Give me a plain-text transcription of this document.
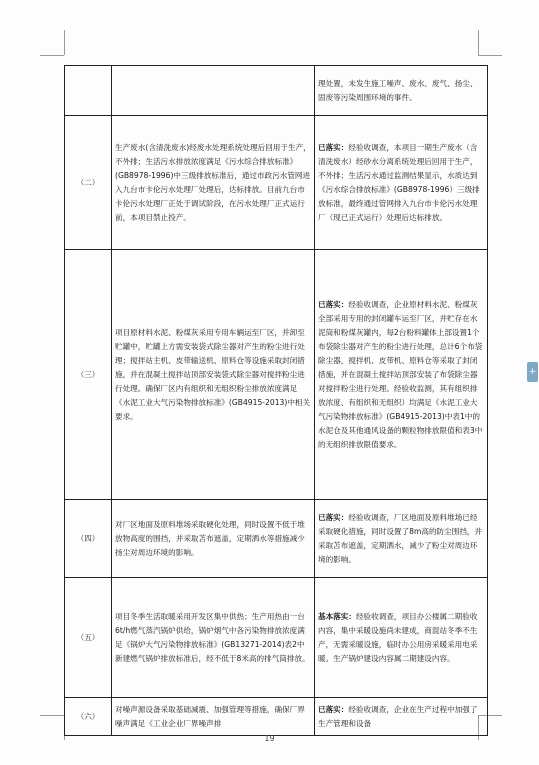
		理处置，未发生施工噪声、废水、废气、扬尘、固废等污染周围环境的事件。
（二）	生产废水(含清洗废水)经废水处理系统处理后回用于生产，不外排；生活污水排放浓度满足《污水综合排放标准》(GB8978-1996)中三级排放标准后，通过市政污水管网进入九台市卡伦污水处理厂处理后，达标排放。目前九台市卡伦污水处理厂正处于调试阶段，在污水处理厂正式运行前，本项目禁止投产。	已落实：经验收调查，本项目一期生产废水（含清洗废水）经砂水分离系统处理后回用于生产，不外排；生活污水通过监测结果显示，水质达到《污水综合排放标准》(GB8978-1996）三级排放标准，最终通过管网排入九台市卡伦污水处理厂（现已正式运行）处理后达标排放。
（三）	项目原材料水泥、粉煤灰采用专用车辆运至厂区，并卸至贮罐中，贮罐上方需安装袋式除尘器对产生的粉尘进行处理；搅拌站主机、皮带输送机、原料仓等设施采取封闭措施，并在混凝土搅拌站顶部安装袋式除尘器对搅拌粉尘进行处理。确保厂区内有组织和无组织粉尘排放浓度满足《水泥工业大气污染物排放标准》(GB4915-2013)中相关要求。	已落实：经验收调查，企业原材料水泥、粉煤灰全部采用专用的封闭罐车运至厂区，并贮存在水泥筒和粉煤灰罐内，每2台粉料罐体上部设置1个布袋除尘器对产生的粉尘进行处理，总计6个布袋除尘器，搅拌机、皮带机、原料仓等采取了封闭措施，并在混凝土搅拌站顶部安装了布袋除尘器对搅拌粉尘进行处理。经验收监测，其有组织排放浓度、有组织和无组织）均满足《水泥工业大气污染物排放标准》(GB4915-2013)中表1中的水泥仓及其他通风设备的颗粒物排放限值和表3中的无组织排放限值要求。
（四）	对厂区地面及原料堆场采取硬化处理，同时设置不低于堆放物高度的围挡，并采取苫布遮盖，定期洒水等措施减少扬尘对周边环境的影响。	已落实：经验收调查，厂区地面及原料堆场已经采取硬化措施，同时设置了8m高的防尘围挡，并采取苫布遮盖，定期洒水，减少了粉尘对周边环境的影响。
（五）	项目冬季生活取暖采用开发区集中供热；生产用热由一台6t/h燃气蒸汽锅炉供给，锅炉烟气中各污染物排放浓度满足《锅炉大气污染物排放标准》(GB13271-2014)表2中新建燃气锅炉排放标准后，经不低于8米高的排气筒排放。	基本落实：经验收调查，项目办公楼属二期验收内容，集中采暖设施尚未建成，商混站冬季不生产，无需采暖设施，临时办公用房采暖采用电采暖。生产锅炉建设内容属二期建设内容。
（六）	对噪声源设备采取基础减震、加强管理等措施，确保厂界噪声满足《工业企业厂界噪声排	已落实：经验收调查，企业在生产过程中加强了生产管理和设备
19
+
